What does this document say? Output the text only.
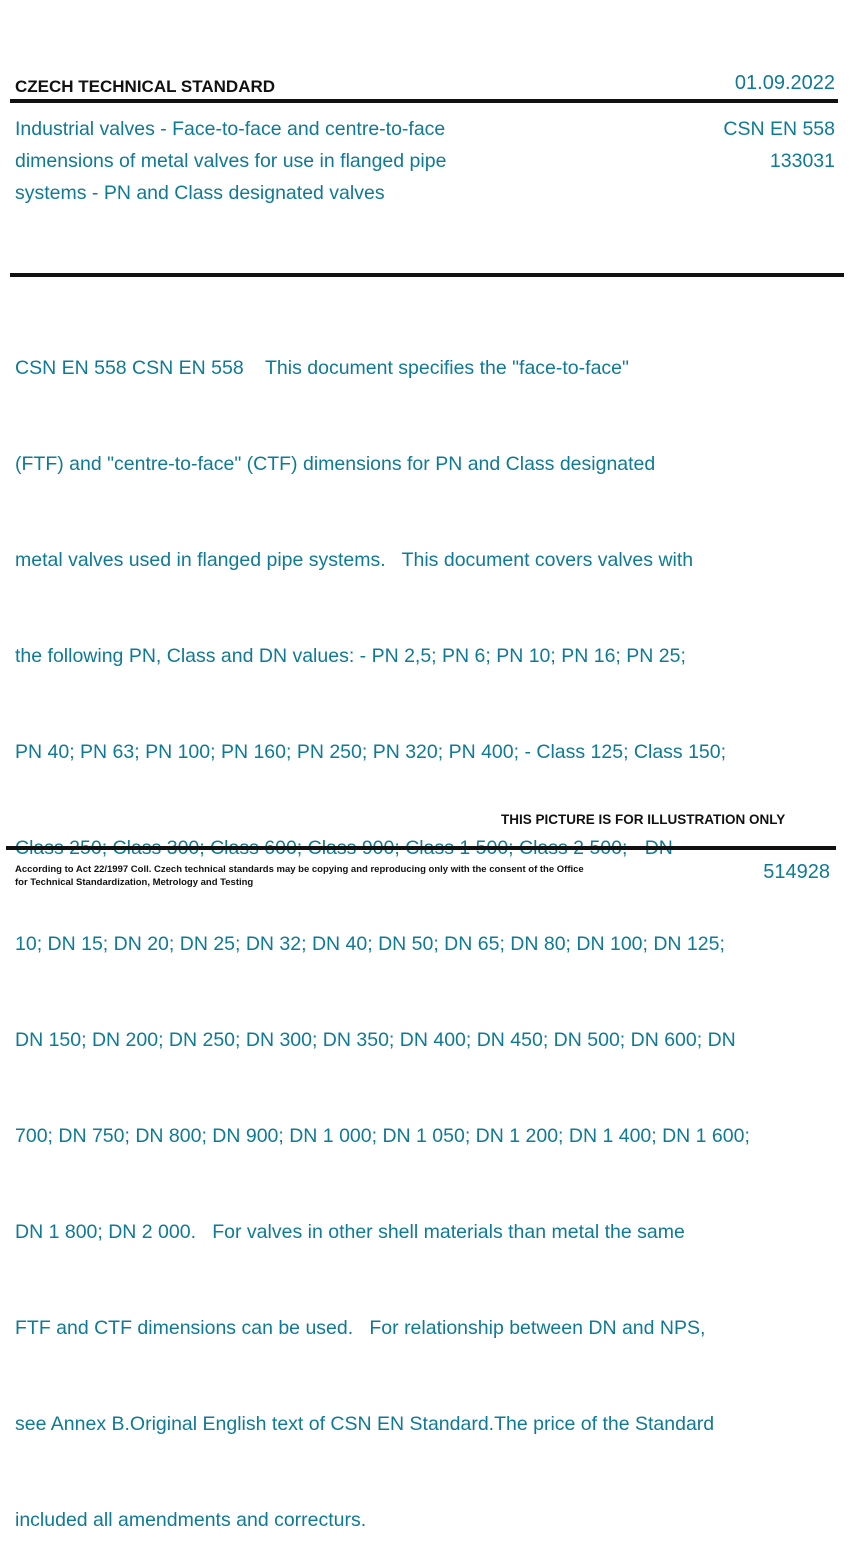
CZECH TECHNICAL STANDARD	01.09.2022
Industrial valves - Face-to-face and centre-to-face
dimensions of metal valves for use in flanged pipe
systems - PN and Class designated valves
CSN EN 558
133031

CSN EN 558 CSN EN 558    This document specifies the "face-to-face"

(FTF) and "centre-to-face" (CTF) dimensions for PN and Class designated

metal valves used in flanged pipe systems.   This document covers valves with

the following PN, Class and DN values: - PN 2,5; PN 6; PN 10; PN 16; PN 25;

PN 40; PN 63; PN 100; PN 160; PN 250; PN 320; PN 400; - Class 125; Class 150;

10; DN 15; DN 20; DN 25; DN 32; DN 40; DN 50; DN 65; DN 80; DN 100; DN 125;

DN 150; DN 200; DN 250; DN 300; DN 350; DN 400; DN 450; DN 500; DN 600; DN

700; DN 750; DN 800; DN 900; DN 1 000; DN 1 050; DN 1 200; DN 1 400; DN 1 600;

DN 1 800; DN 2 000.   For valves in other shell materials than metal the same

FTF and CTF dimensions can be used.   For relationship between DN and NPS,

see Annex B.Original English text of CSN EN Standard.The price of the Standard

included all amendments and correcturs.

THIS PICTURE IS FOR ILLUSTRATION ONLY
According to Act 22/1997 Coll. Czech technical standards may be copying and reproducing only with the consent of the Office
for Technical Standardization, Metrology and Testing	514928
